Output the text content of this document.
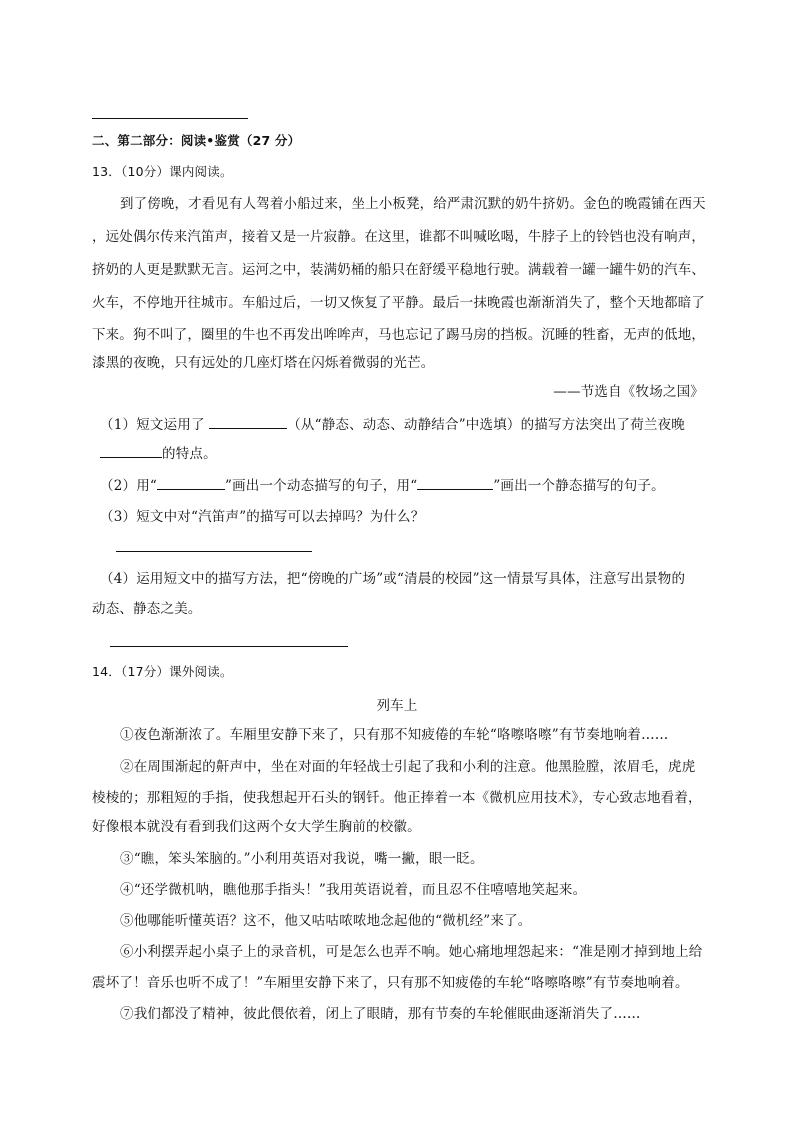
二、第二部分：阅读•鉴赏（27 分）
13．（10分）课内阅读。
到了傍晚，才看见有人驾着小船过来，坐上小板凳，给严肃沉默的奶牛挤奶。金色的晚霞铺在西天
，远处偶尔传来汽笛声，接着又是一片寂静。在这里，谁都不叫喊吆喝，牛脖子上的铃铛也没有响声，
挤奶的人更是默默无言。运河之中，装满奶桶的船只在舒缓平稳地行驶。满载着一罐一罐牛奶的汽车、
火车，不停地开往城市。车船过后，一切又恢复了平静。最后一抹晚霞也渐渐消失了，整个天地都暗了
下来。狗不叫了，圈里的牛也不再发出哞哞声，马也忘记了踢马房的挡板。沉睡的牲畜，无声的低地，
漆黑的夜晚，只有远处的几座灯塔在闪烁着微弱的光芒。
——节选自《牧场之国》
（1）短文运用了	（从“静态、动态、动静结合”中选填）的描写方法突出了荷兰夜晚
的特点。
（2）用“	”画出一个动态描写的句子，用“	”画出一个静态描写的句子。
（3）短文中对“汽笛声”的描写可以去掉吗？为什么？
（4）运用短文中的描写方法，把“傍晚的广场”或“清晨的校园”这一情景写具体，注意写出景物的
动态、静态之美。
14．（17分）课外阅读。
列车上
①夜色渐渐浓了。车厢里安静下来了，只有那不知疲倦的车轮“咯嚓咯嚓”有节奏地响着……
②在周围渐起的鼾声中，坐在对面的年轻战士引起了我和小利的注意。他黑脸膛，浓眉毛，虎虎
棱棱的；那粗短的手指，使我想起开石头的钢钎。他正捧着一本《微机应用技术》，专心致志地看着，
好像根本就没有看到我们这两个女大学生胸前的校徽。
③“瞧，笨头笨脑的。”小利用英语对我说，嘴一撇，眼一眨。
④“还学微机呐，瞧他那手指头！”我用英语说着，而且忍不住嘻嘻地笑起来。
⑤他哪能听懂英语？这不，他又咕咕哝哝地念起他的“微机经”来了。
⑥小利摆弄起小桌子上的录音机，可是怎么也弄不响。她心痛地埋怨起来：“准是刚才掉到地上给
震坏了！音乐也听不成了！”车厢里安静下来了，只有那不知疲倦的车轮“咯嚓咯嚓”有节奏地响着。
⑦我们都没了精神，彼此偎依着，闭上了眼睛，那有节奏的车轮催眠曲逐渐消失了……
